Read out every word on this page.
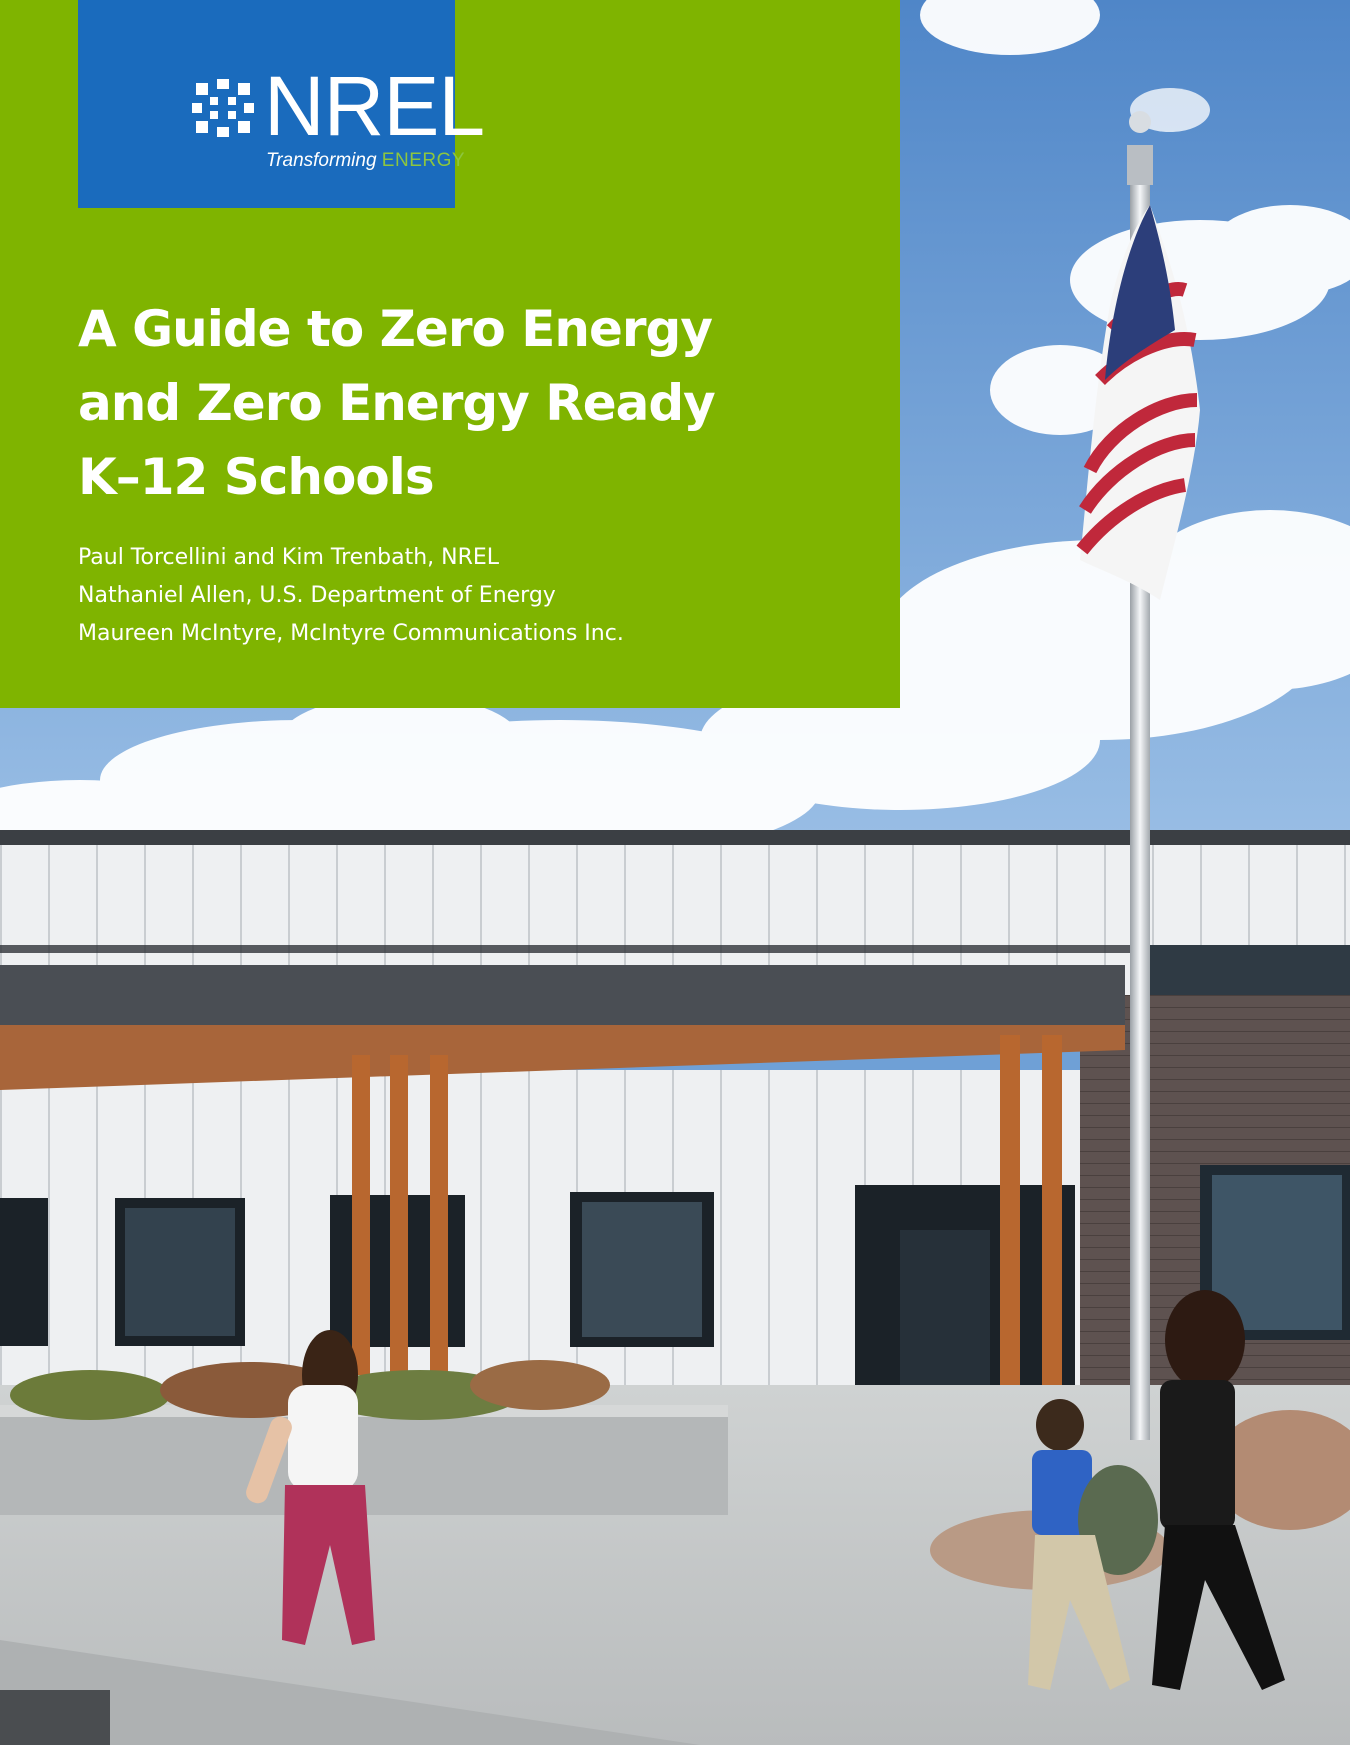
NREL
Transforming ENERGY
A Guide to Zero Energy
and Zero Energy Ready
K–12 Schools
Paul Torcellini and Kim Trenbath, NREL
Nathaniel Allen, U.S. Department of Energy
Maureen McIntyre, McIntyre Communications Inc.
